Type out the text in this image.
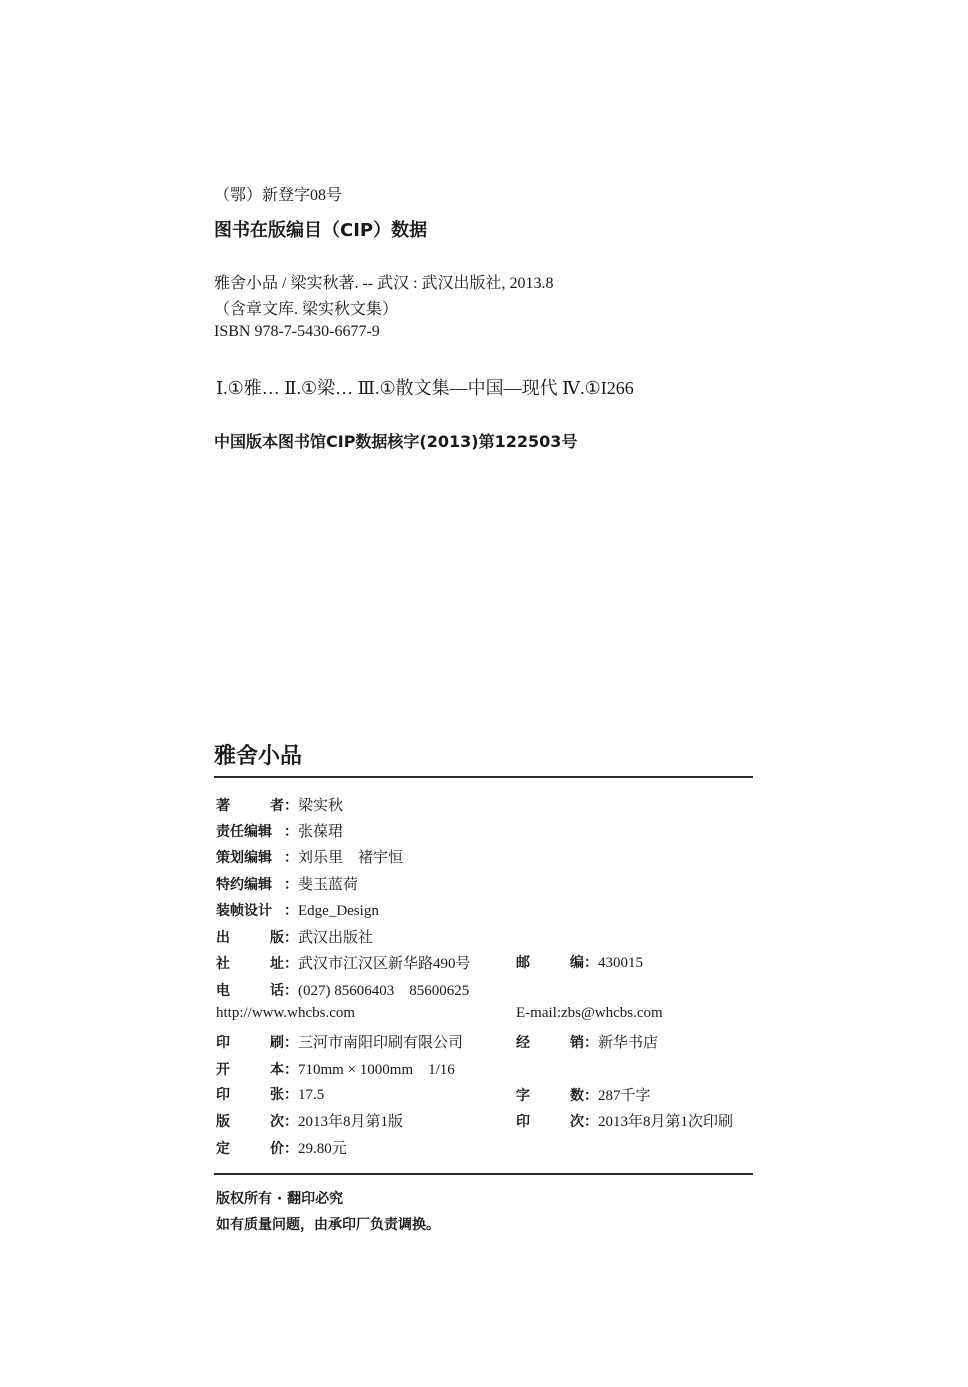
（鄂）新登字08号
图书在版编目（CIP）数据
雅舍小品 / 梁实秋著. -- 武汉 : 武汉出版社, 2013.8
（含章文库. 梁实秋文集）
ISBN 978-7-5430-6677-9
Ⅰ.①雅… Ⅱ.①梁… Ⅲ.①散文集—中国—现代 Ⅳ.①I266
中国版本图书馆CIP数据核字(2013)第122503号
雅舍小品
著	者 ： 梁实秋
责任编辑 ： 张葆珺
策划编辑 ： 刘乐里　褚宇恒
特约编辑 ： 斐玉蓝荷
装帧设计 ： Edge_Design
出	版 ： 武汉出版社
社	址 ： 武汉市江汉区新华路490号	邮	编 ： 430015
电	话 ： (027) 85606403　85600625
http://www.whcbs.com	E-mail:zbs@whcbs.com
印	刷 ： 三河市南阳印刷有限公司	经	销 ： 新华书店
开	本 ： 710mm × 1000mm　1/16
印	张 ： 17.5	字	数 ： 287千字
版	次 ： 2013年8月第1版	印	次 ： 2013年8月第1次印刷
定	价 ： 29.80元
版权所有 · 翻印必究
如有质量问题，由承印厂负责调换。
